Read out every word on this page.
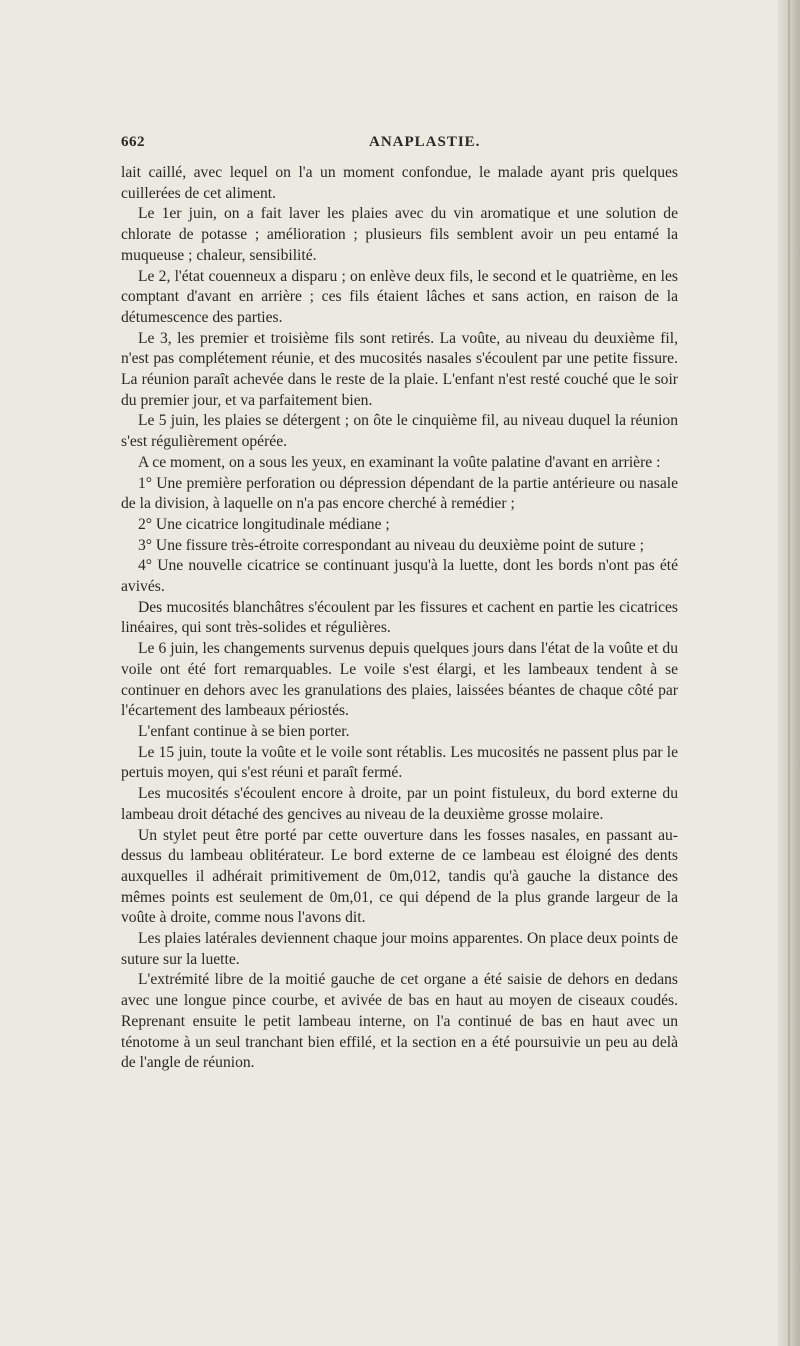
662	ANAPLASTIE.

lait caillé, avec lequel on l'a un moment confondue, le malade ayant pris quelques cuillerées de cet aliment.

Le 1er juin, on a fait laver les plaies avec du vin aromatique et une solution de chlorate de potasse ; amélioration ; plusieurs fils semblent avoir un peu entamé la muqueuse ; chaleur, sensibilité.

Le 2, l'état couenneux a disparu ; on enlève deux fils, le second et le quatrième, en les comptant d'avant en arrière ; ces fils étaient lâches et sans action, en raison de la détumescence des parties.

Le 3, les premier et troisième fils sont retirés. La voûte, au niveau du deuxième fil, n'est pas complétement réunie, et des mucosités nasales s'écoulent par une petite fissure. La réunion paraît achevée dans le reste de la plaie. L'enfant n'est resté couché que le soir du premier jour, et va parfaitement bien.

Le 5 juin, les plaies se détergent ; on ôte le cinquième fil, au niveau duquel la réunion s'est régulièrement opérée.

A ce moment, on a sous les yeux, en examinant la voûte palatine d'avant en arrière :

1° Une première perforation ou dépression dépendant de la partie antérieure ou nasale de la division, à laquelle on n'a pas encore cherché à remédier ;

2° Une cicatrice longitudinale médiane ;

3° Une fissure très-étroite correspondant au niveau du deuxième point de suture ;

4° Une nouvelle cicatrice se continuant jusqu'à la luette, dont les bords n'ont pas été avivés.

Des mucosités blanchâtres s'écoulent par les fissures et cachent en partie les cicatrices linéaires, qui sont très-solides et régulières.

Le 6 juin, les changements survenus depuis quelques jours dans l'état de la voûte et du voile ont été fort remarquables. Le voile s'est élargi, et les lambeaux tendent à se continuer en dehors avec les granulations des plaies, laissées béantes de chaque côté par l'écartement des lambeaux périostés.

L'enfant continue à se bien porter.

Le 15 juin, toute la voûte et le voile sont rétablis. Les mucosités ne passent plus par le pertuis moyen, qui s'est réuni et paraît fermé.

Les mucosités s'écoulent encore à droite, par un point fistuleux, du bord externe du lambeau droit détaché des gencives au niveau de la deuxième grosse molaire.

Un stylet peut être porté par cette ouverture dans les fosses nasales, en passant au-dessus du lambeau oblitérateur. Le bord externe de ce lambeau est éloigné des dents auxquelles il adhérait primitivement de 0m,012, tandis qu'à gauche la distance des mêmes points est seulement de 0m,01, ce qui dépend de la plus grande largeur de la voûte à droite, comme nous l'avons dit.

Les plaies latérales deviennent chaque jour moins apparentes. On place deux points de suture sur la luette.

L'extrémité libre de la moitié gauche de cet organe a été saisie de dehors en dedans avec une longue pince courbe, et avivée de bas en haut au moyen de ciseaux coudés. Reprenant ensuite le petit lambeau interne, on l'a continué de bas en haut avec un ténotome à un seul tranchant bien effilé, et la section en a été poursuivie un peu au delà de l'angle de réunion.
